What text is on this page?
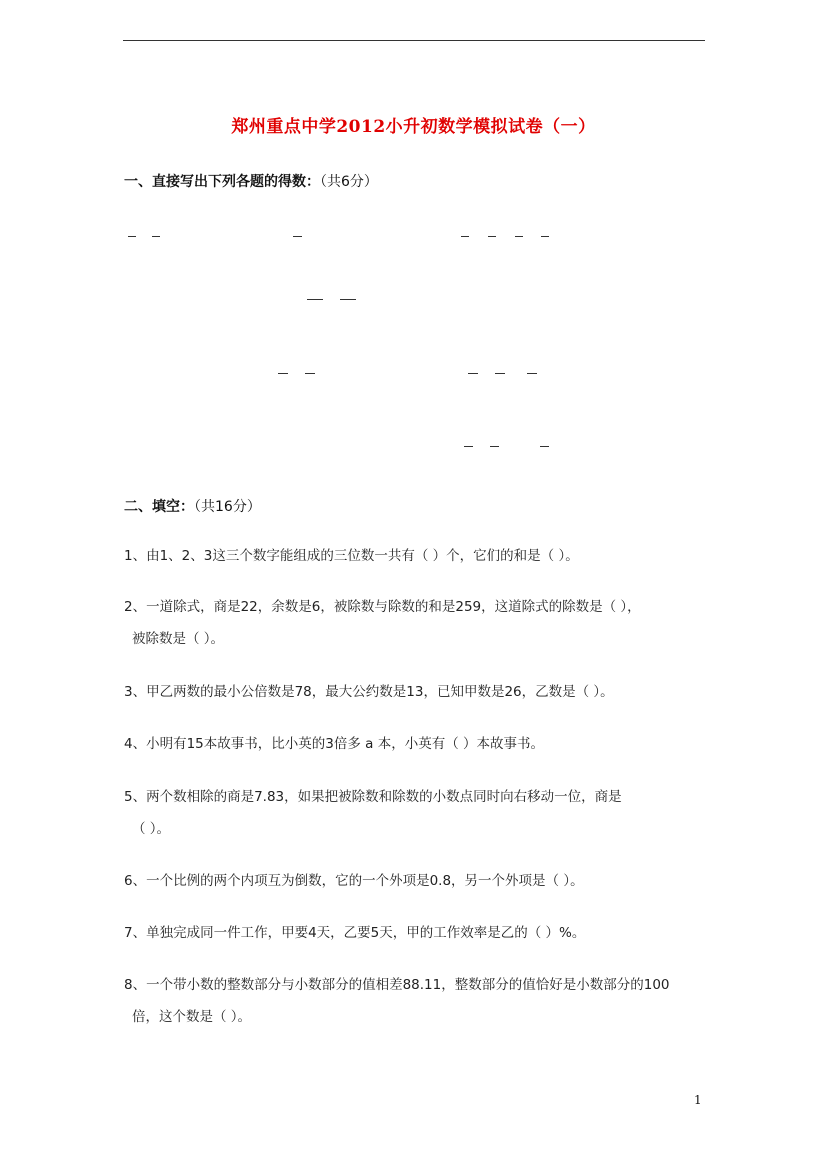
郑州重点中学2012小升初数学模拟试卷（一）
一、直接写出下列各题的得数：（共6分）
二、填空：（共16分）
1、由1、2、3这三个数字能组成的三位数一共有（ ）个，它们的和是（ ）。
2、一道除式，商是22，余数是6，被除数与除数的和是259，这道除式的除数是（ ），
被除数是（ ）。
3、甲乙两数的最小公倍数是78，最大公约数是13，已知甲数是26，乙数是（ ）。
4、小明有15本故事书，比小英的3倍多 a 本，小英有（ ）本故事书。
5、两个数相除的商是7.83，如果把被除数和除数的小数点同时向右移动一位，商是
（ ）。
6、一个比例的两个内项互为倒数，它的一个外项是0.8，另一个外项是（ ）。
7、单独完成同一件工作，甲要4天，乙要5天，甲的工作效率是乙的（ ）%。
8、一个带小数的整数部分与小数部分的值相差88.11，整数部分的值恰好是小数部分的100
倍，这个数是（ ）。
1
